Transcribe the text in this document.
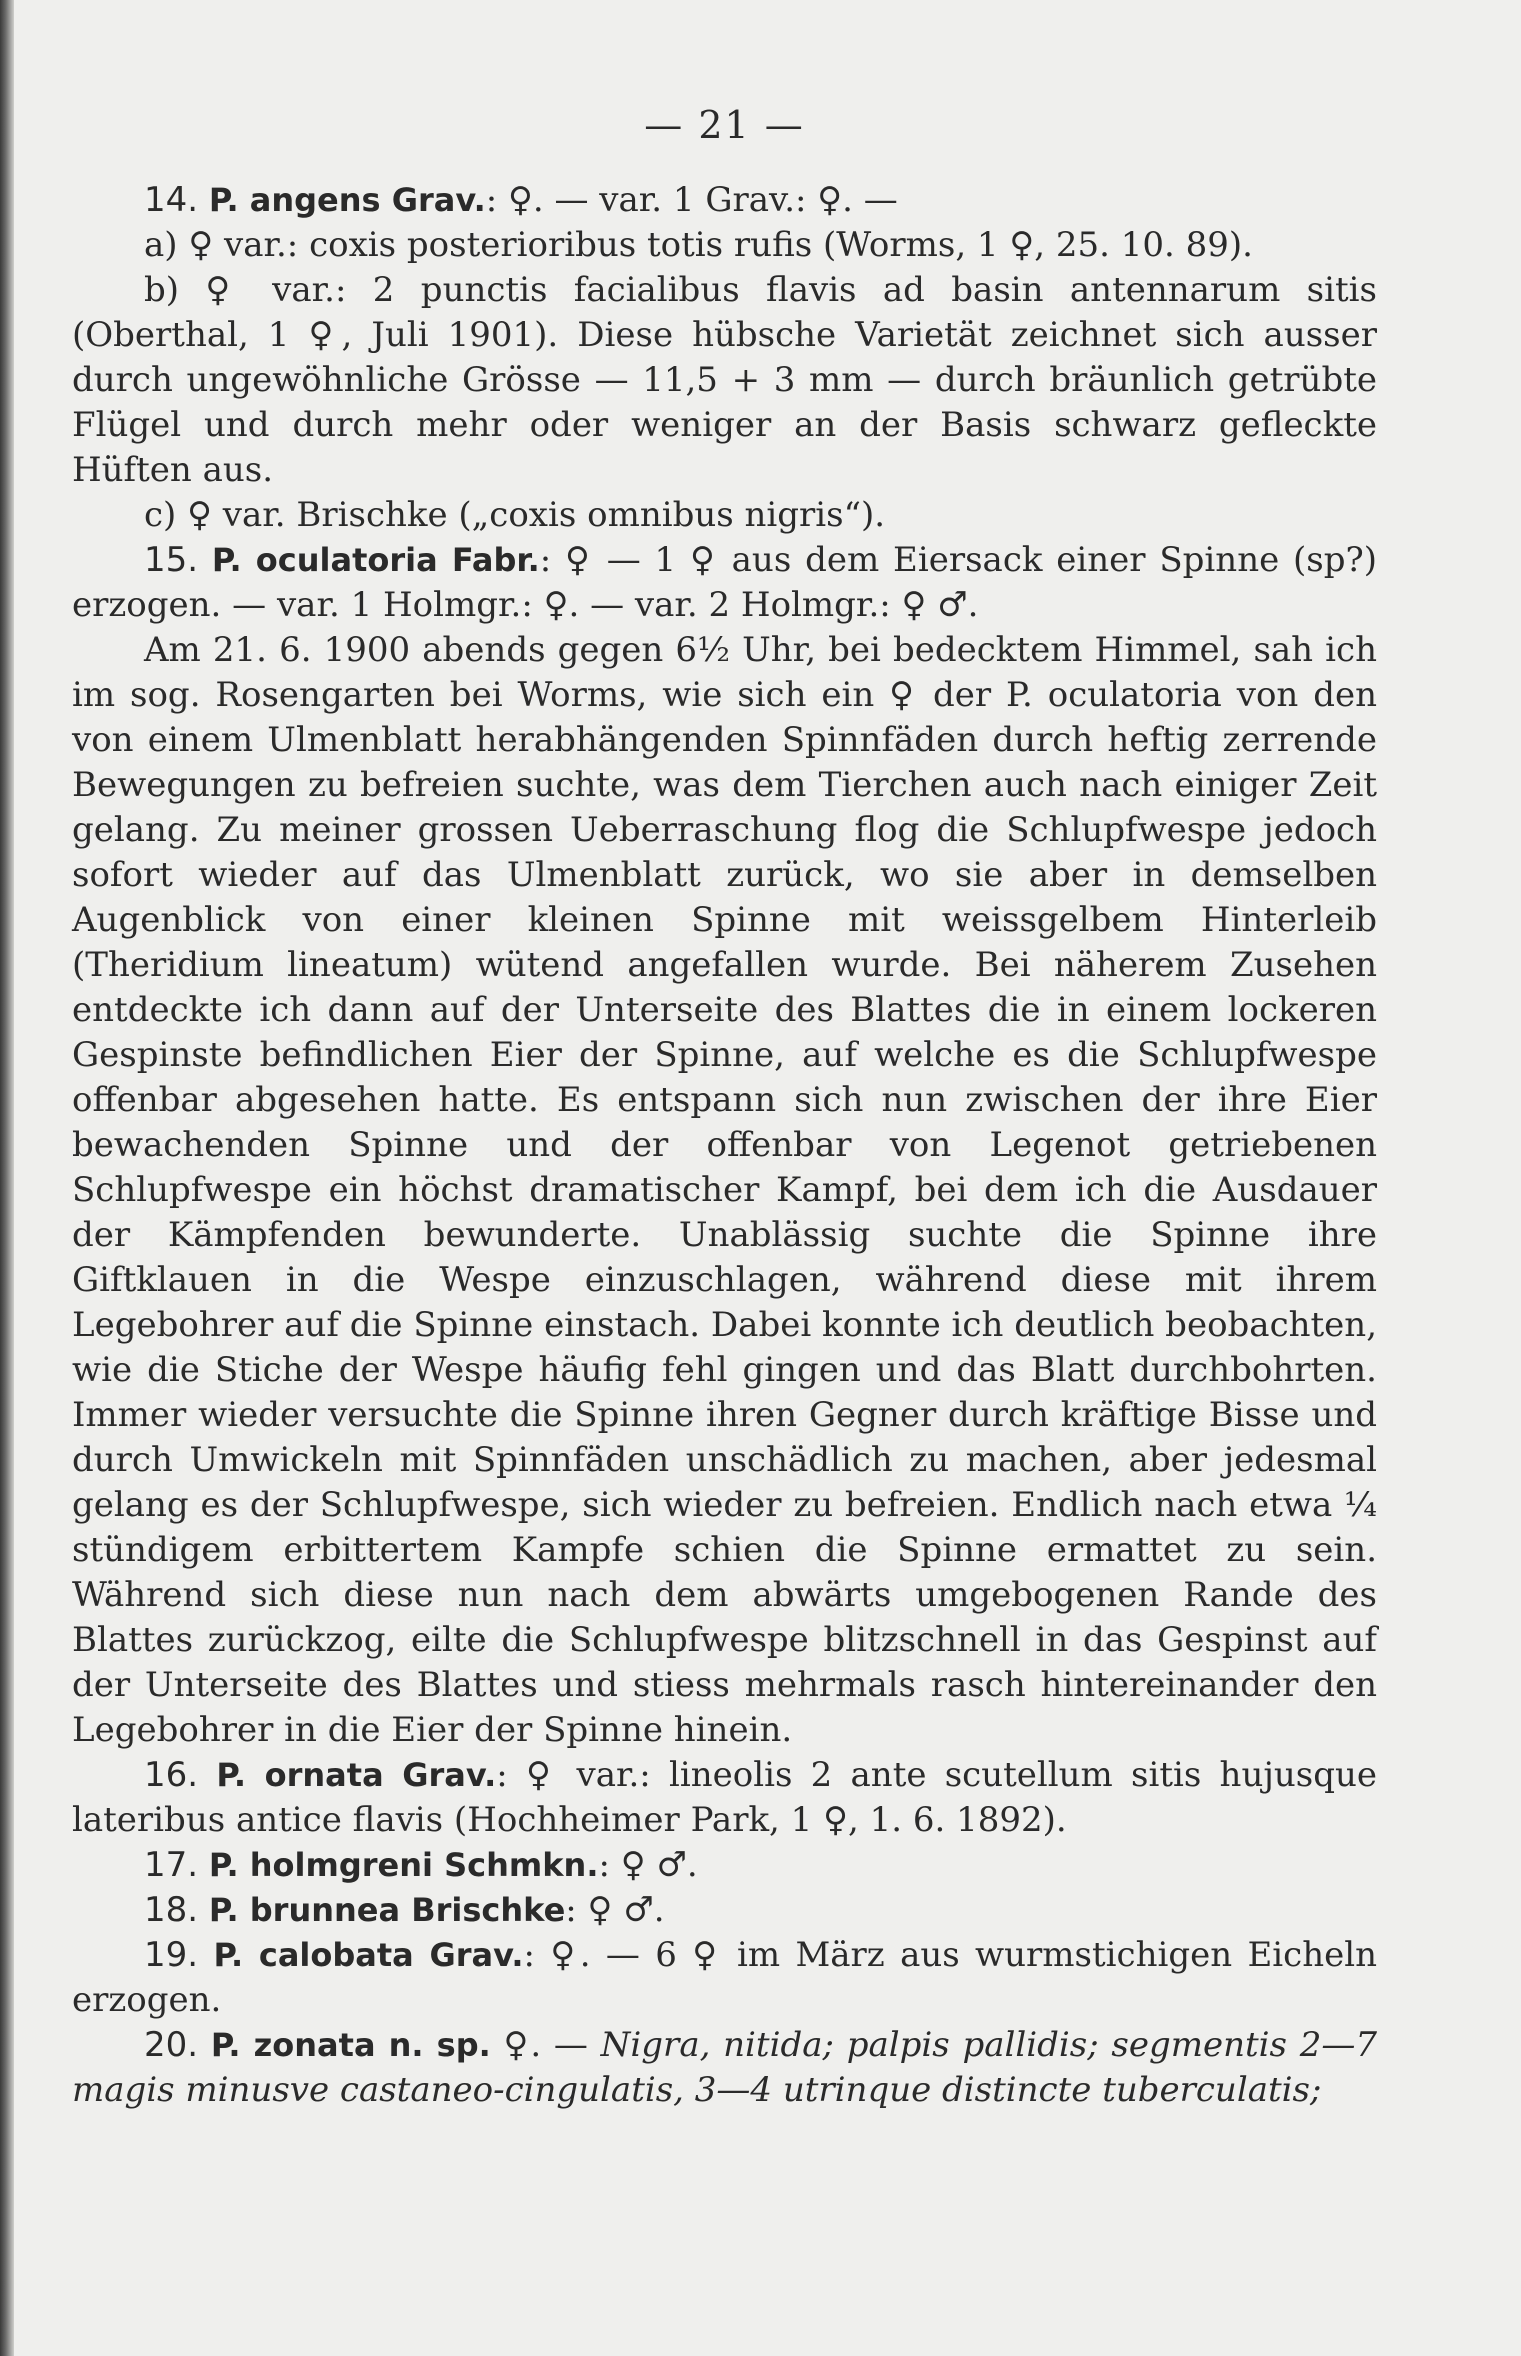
— 21 —

14. P. angens Grav.: ♀. — var. 1 Grav.: ♀. —

a) ♀ var.: coxis posterioribus totis rufis (Worms, 1 ♀, 25. 10. 89).

b) ♀ var.: 2 punctis facialibus flavis ad basin antennarum sitis (Oberthal, 1 ♀, Juli 1901). Diese hübsche Varietät zeichnet sich ausser durch ungewöhnliche Grösse — 11,5 + 3 mm — durch bräunlich getrübte Flügel und durch mehr oder weniger an der Basis schwarz gefleckte Hüften aus.

c) ♀ var. Brischke („coxis omnibus nigris“).

15. P. oculatoria Fabr.: ♀ — 1 ♀ aus dem Eiersack einer Spinne (sp?) erzogen. — var. 1 Holmgr.: ♀. — var. 2 Holmgr.: ♀ ♂.

Am 21. 6. 1900 abends gegen 6½ Uhr, bei bedecktem Himmel, sah ich im sog. Rosengarten bei Worms, wie sich ein ♀ der P. oculatoria von den von einem Ulmenblatt herabhängenden Spinnfäden durch heftig zerrende Bewegungen zu befreien suchte, was dem Tierchen auch nach einiger Zeit gelang. Zu meiner grossen Ueberraschung flog die Schlupfwespe jedoch sofort wieder auf das Ulmenblatt zurück, wo sie aber in demselben Augenblick von einer kleinen Spinne mit weissgelbem Hinterleib (Theridium lineatum) wütend angefallen wurde. Bei näherem Zusehen entdeckte ich dann auf der Unterseite des Blattes die in einem lockeren Gespinste befindlichen Eier der Spinne, auf welche es die Schlupfwespe offenbar abgesehen hatte. Es entspann sich nun zwischen der ihre Eier bewachenden Spinne und der offenbar von Legenot getriebenen Schlupfwespe ein höchst dramatischer Kampf, bei dem ich die Ausdauer der Kämpfenden bewunderte. Unablässig suchte die Spinne ihre Giftklauen in die Wespe einzuschlagen, während diese mit ihrem Legebohrer auf die Spinne einstach. Dabei konnte ich deutlich beobachten, wie die Stiche der Wespe häufig fehl gingen und das Blatt durchbohrten. Immer wieder versuchte die Spinne ihren Gegner durch kräftige Bisse und durch Umwickeln mit Spinnfäden unschädlich zu machen, aber jedesmal gelang es der Schlupfwespe, sich wieder zu befreien. Endlich nach etwa ¼ stündigem erbittertem Kampfe schien die Spinne ermattet zu sein. Während sich diese nun nach dem abwärts umgebogenen Rande des Blattes zurückzog, eilte die Schlupfwespe blitzschnell in das Gespinst auf der Unterseite des Blattes und stiess mehrmals rasch hintereinander den Legebohrer in die Eier der Spinne hinein.

16. P. ornata Grav.: ♀ var.: lineolis 2 ante scutellum sitis hujusque lateribus antice flavis (Hochheimer Park, 1 ♀, 1. 6. 1892).

17. P. holmgreni Schmkn.: ♀ ♂.

18. P. brunnea Brischke: ♀ ♂.

19. P. calobata Grav.: ♀. — 6 ♀ im März aus wurmstichigen Eicheln erzogen.

20. P. zonata n. sp. ♀. — Nigra, nitida; palpis pallidis; segmentis 2—7 magis minusve castaneo-cingulatis, 3—4 utrinque distincte tuberculatis;
